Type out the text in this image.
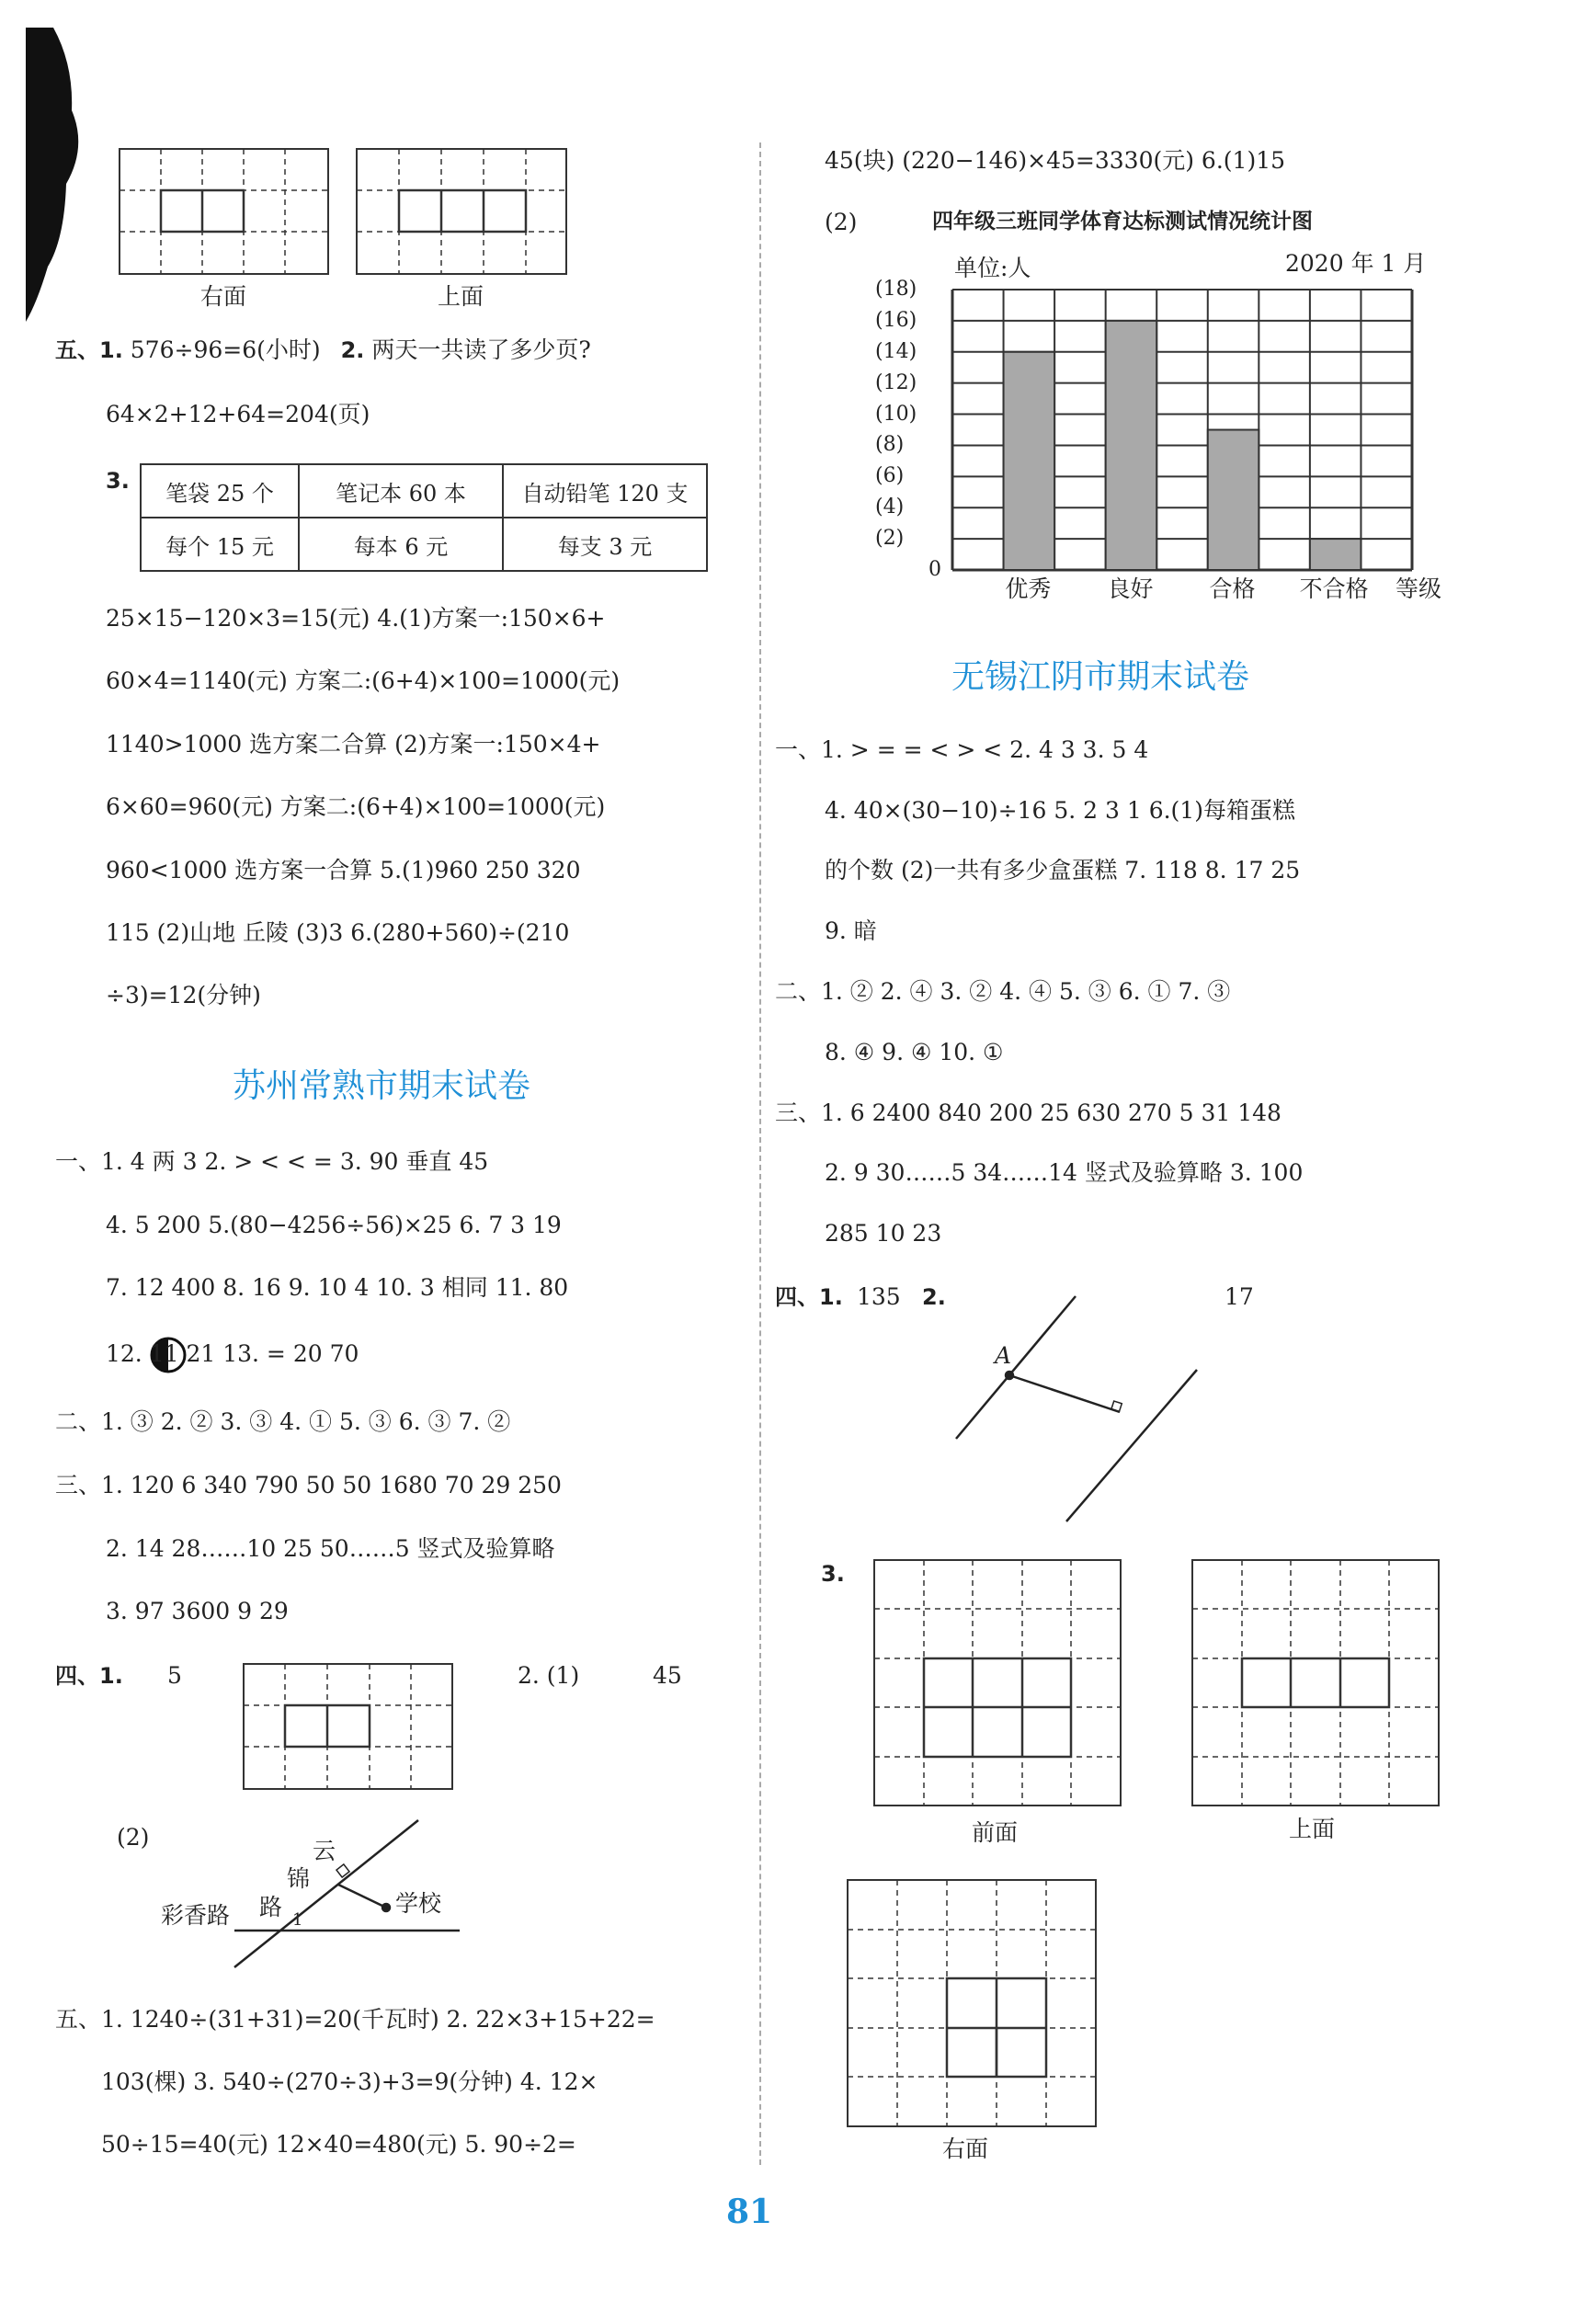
右面	上面
五、1. 576÷96=6(小时) 2. 两天一共读了多少页?
64×2+12+64=204(页)
3. 笔袋 25 个	笔记本 60 本	自动铅笔 120 支
每个 15 元	每本 6 元	每支 3 元
25×15−120×3=15(元) 4.(1)方案一:150×6+
60×4=1140(元) 方案二:(6+4)×100=1000(元)
1140>1000 选方案二合算 (2)方案一:150×4+
6×60=960(元) 方案二:(6+4)×100=1000(元)
960<1000 选方案一合算 5.(1)960 250 320
115 (2)山地 丘陵 (3)3 6.(280+560)÷(210
÷3)=12(分钟)
苏州常熟市期末试卷
一、1. 4 两 3 2. > < < = 3. 90 垂直 45
4. 5 200 5.(80−4256÷56)×25 6. 7 3 19
7. 12 400 8. 16 9. 10 4 10. 3 相同 11. 80
12. 11 21 13. = 20 70
二、1. ③ 2. ② 3. ③ 4. ① 5. ③ 6. ③ 7. ②
三、1. 120 6 340 790 50 50 1680 70 29 250
2. 14 28……10 25 50……5 竖式及验算略
3. 97 3600 9 29
四、1. 5	2. (1)	45
(2)
云
锦
路
彩香路	学校
1
五、1. 1240÷(31+31)=20(千瓦时) 2. 22×3+15+22=
103(棵) 3. 540÷(270÷3)+3=9(分钟) 4. 12×
50÷15=40(元) 12×40=480(元) 5. 90÷2=
45(块) (220−146)×45=3330(元) 6.(1)15
(2)	四年级三班同学体育达标测试情况统计图
单位:人	2020 年 1 月
(18)
(16)
(14)
(12)
(10)
(8)
(6)
(4)
(2)
0
优秀 良好 合格 不合格 等级
无锡江阴市期末试卷
一、1. > = = < > < 2. 4 3 3. 5 4
4. 40×(30−10)÷16 5. 2 3 1 6.(1)每箱蛋糕
的个数 (2)一共有多少盒蛋糕 7. 118 8. 17 25
9. 暗
二、1. ② 2. ④ 3. ② 4. ④ 5. ③ 6. ① 7. ③
8. ④ 9. ④ 10. ①
三、1. 6 2400 840 200 25 630 270 5 31 148
2. 9 30……5 34……14 竖式及验算略 3. 100
285 10 23
四、1. 135 2.	17
A
3.
前面	上面
右面
81
